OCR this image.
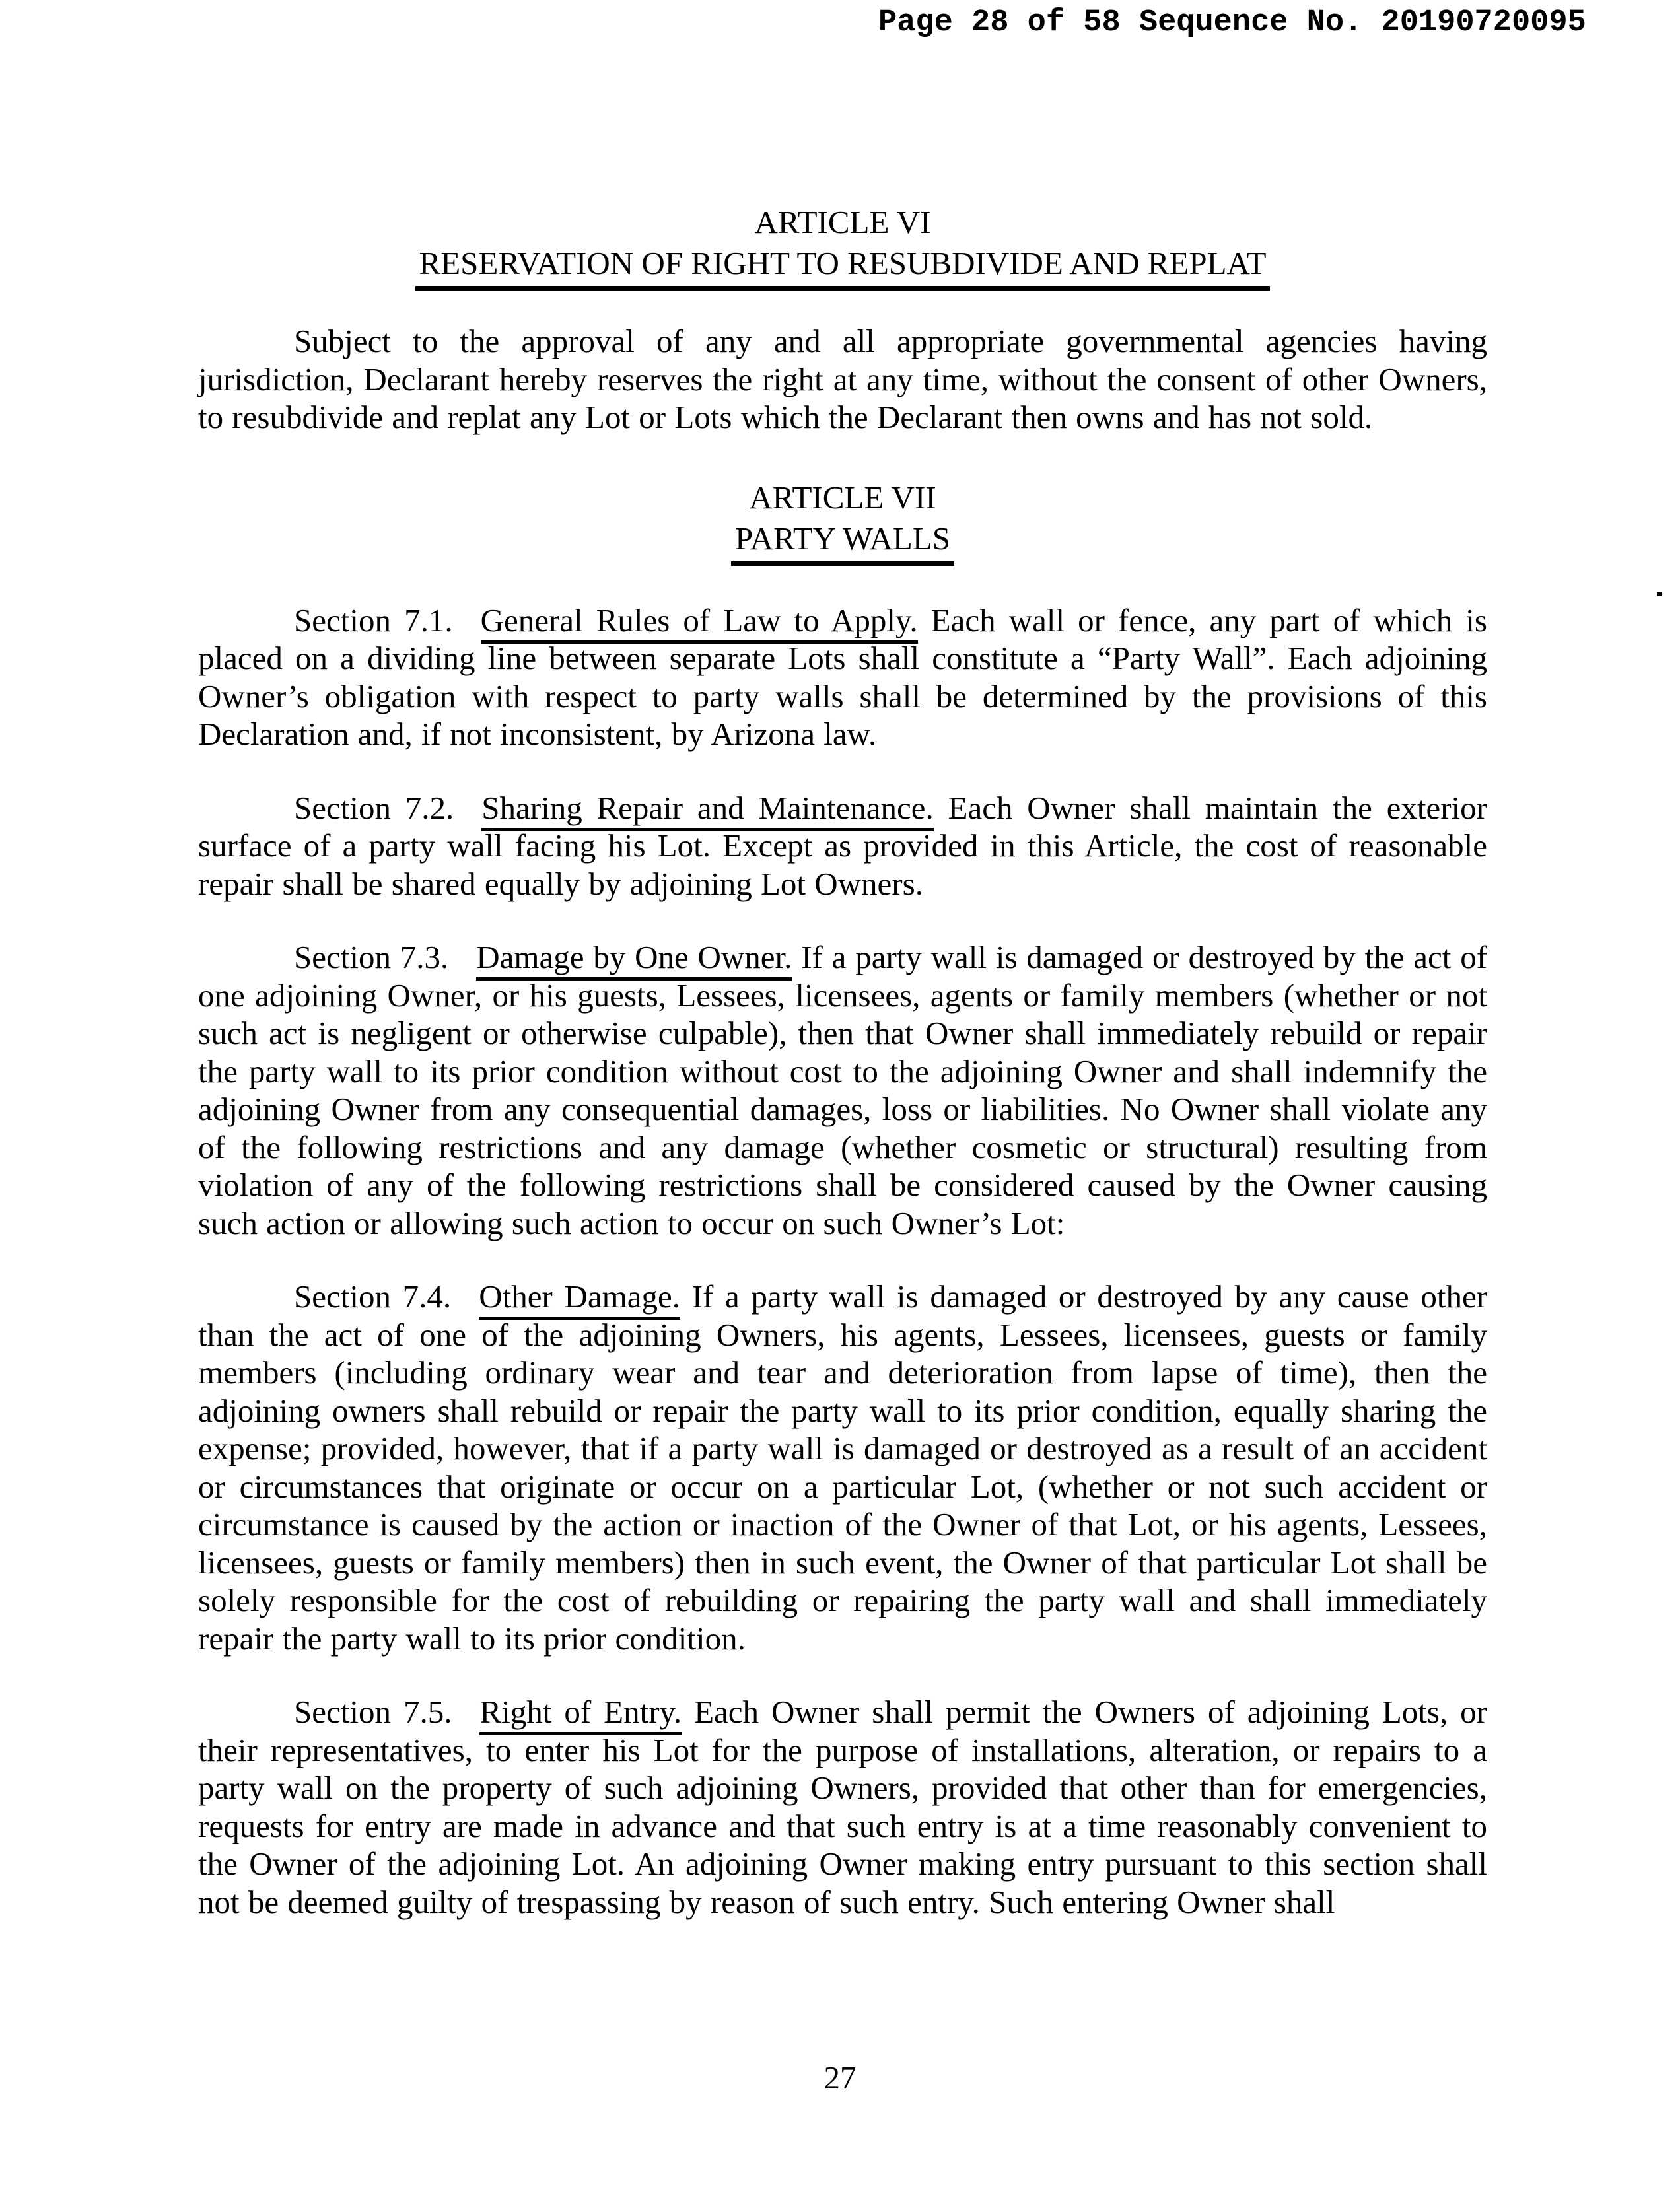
Page 28 of 58 Sequence No. 20190720095
ARTICLE VI
RESERVATION OF RIGHT TO RESUBDIVIDE AND REPLAT

Subject to the approval of any and all appropriate governmental agencies having jurisdiction, Declarant hereby reserves the right at any time, without the consent of other Owners, to resubdivide and replat any Lot or Lots which the Declarant then owns and has not sold.

ARTICLE VII
PARTY WALLS

Section 7.1. General Rules of Law to Apply. Each wall or fence, any part of which is placed on a dividing line between separate Lots shall constitute a “Party Wall”. Each adjoining Owner’s obligation with respect to party walls shall be determined by the provisions of this Declaration and, if not inconsistent, by Arizona law.

Section 7.2. Sharing Repair and Maintenance. Each Owner shall maintain the exterior surface of a party wall facing his Lot. Except as provided in this Article, the cost of reasonable repair shall be shared equally by adjoining Lot Owners.

Section 7.3. Damage by One Owner. If a party wall is damaged or destroyed by the act of one adjoining Owner, or his guests, Lessees, licensees, agents or family members (whether or not such act is negligent or otherwise culpable), then that Owner shall immediately rebuild or repair the party wall to its prior condition without cost to the adjoining Owner and shall indemnify the adjoining Owner from any consequential damages, loss or liabilities. No Owner shall violate any of the following restrictions and any damage (whether cosmetic or structural) resulting from violation of any of the following restrictions shall be considered caused by the Owner causing such action or allowing such action to occur on such Owner’s Lot:

Section 7.4. Other Damage. If a party wall is damaged or destroyed by any cause other than the act of one of the adjoining Owners, his agents, Lessees, licensees, guests or family members (including ordinary wear and tear and deterioration from lapse of time), then the adjoining owners shall rebuild or repair the party wall to its prior condition, equally sharing the expense; provided, however, that if a party wall is damaged or destroyed as a result of an accident or circumstances that originate or occur on a particular Lot, (whether or not such accident or circumstance is caused by the action or inaction of the Owner of that Lot, or his agents, Lessees, licensees, guests or family members) then in such event, the Owner of that particular Lot shall be solely responsible for the cost of rebuilding or repairing the party wall and shall immediately repair the party wall to its prior condition.

Section 7.5. Right of Entry. Each Owner shall permit the Owners of adjoining Lots, or their representatives, to enter his Lot for the purpose of installations, alteration, or repairs to a party wall on the property of such adjoining Owners, provided that other than for emergencies, requests for entry are made in advance and that such entry is at a time reasonably convenient to the Owner of the adjoining Lot. An adjoining Owner making entry pursuant to this section shall not be deemed guilty of trespassing by reason of such entry. Such entering Owner shall

27
